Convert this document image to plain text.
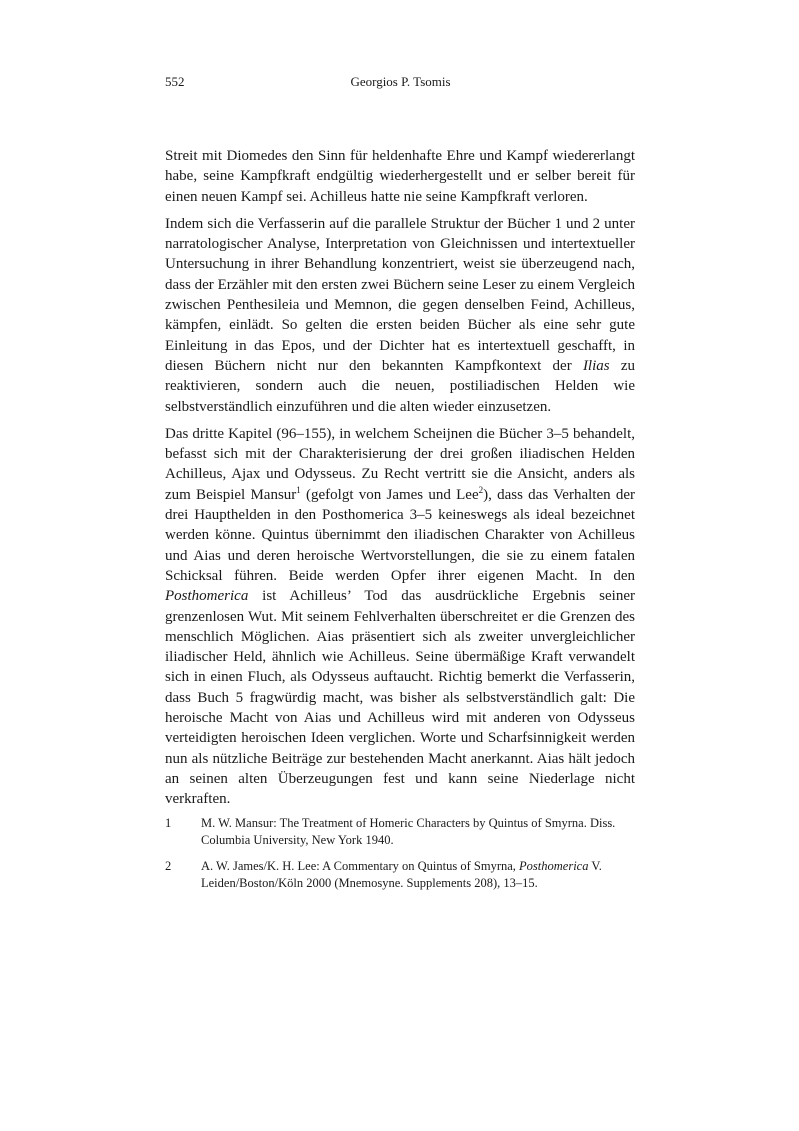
552	Georgios P. Tsomis

Streit mit Diomedes den Sinn für heldenhafte Ehre und Kampf wiedererlangt habe, seine Kampfkraft endgültig wiederhergestellt und er selber bereit für einen neuen Kampf sei. Achilleus hatte nie seine Kampfkraft verloren.

Indem sich die Verfasserin auf die parallele Struktur der Bücher 1 und 2 unter narratologischer Analyse, Interpretation von Gleichnissen und intertextueller Untersuchung in ihrer Behandlung konzentriert, weist sie überzeugend nach, dass der Erzähler mit den ersten zwei Büchern seine Leser zu einem Vergleich zwischen Penthesileia und Memnon, die gegen denselben Feind, Achilleus, kämpfen, einlädt. So gelten die ersten beiden Bücher als eine sehr gute Einleitung in das Epos, und der Dichter hat es intertextuell geschafft, in diesen Büchern nicht nur den bekannten Kampfkontext der Ilias zu reaktivieren, sondern auch die neuen, postiliadischen Helden wie selbstverständlich einzuführen und die alten wieder einzusetzen.

Das dritte Kapitel (96–155), in welchem Scheijnen die Bücher 3–5 behandelt, befasst sich mit der Charakterisierung der drei großen iliadischen Helden Achilleus, Ajax und Odysseus. Zu Recht vertritt sie die Ansicht, anders als zum Beispiel Mansur$^1$ (gefolgt von James und Lee$^2$), dass das Verhalten der drei Haupthelden in den Posthomerica 3–5 keineswegs als ideal bezeichnet werden könne. Quintus übernimmt den iliadischen Charakter von Achilleus und Aias und deren heroische Wertvorstellungen, die sie zu einem fatalen Schicksal führen. Beide werden Opfer ihrer eigenen Macht. In den Posthomerica ist Achilleus’ Tod das ausdrückliche Ergebnis seiner grenzenlosen Wut. Mit seinem Fehlverhalten überschreitet er die Grenzen des menschlich Möglichen. Aias präsentiert sich als zweiter unvergleichlicher iliadischer Held, ähnlich wie Achilleus. Seine übermäßige Kraft verwandelt sich in einen Fluch, als Odysseus auftaucht. Richtig bemerkt die Verfasserin, dass Buch 5 fragwürdig macht, was bisher als selbstverständlich galt: Die heroische Macht von Aias und Achilleus wird mit anderen von Odysseus verteidigten heroischen Ideen verglichen. Worte und Scharfsinnigkeit werden nun als nützliche Beiträge zur bestehenden Macht anerkannt. Aias hält jedoch an seinen alten Überzeugungen fest und kann seine Niederlage nicht verkraften.

1	M. W. Mansur: The Treatment of Homeric Characters by Quintus of Smyrna. Diss. Columbia University, New York 1940.
2	A. W. James/K. H. Lee: A Commentary on Quintus of Smyrna, Posthomerica V. Leiden/Boston/Köln 2000 (Mnemosyne. Supplements 208), 13–15.
